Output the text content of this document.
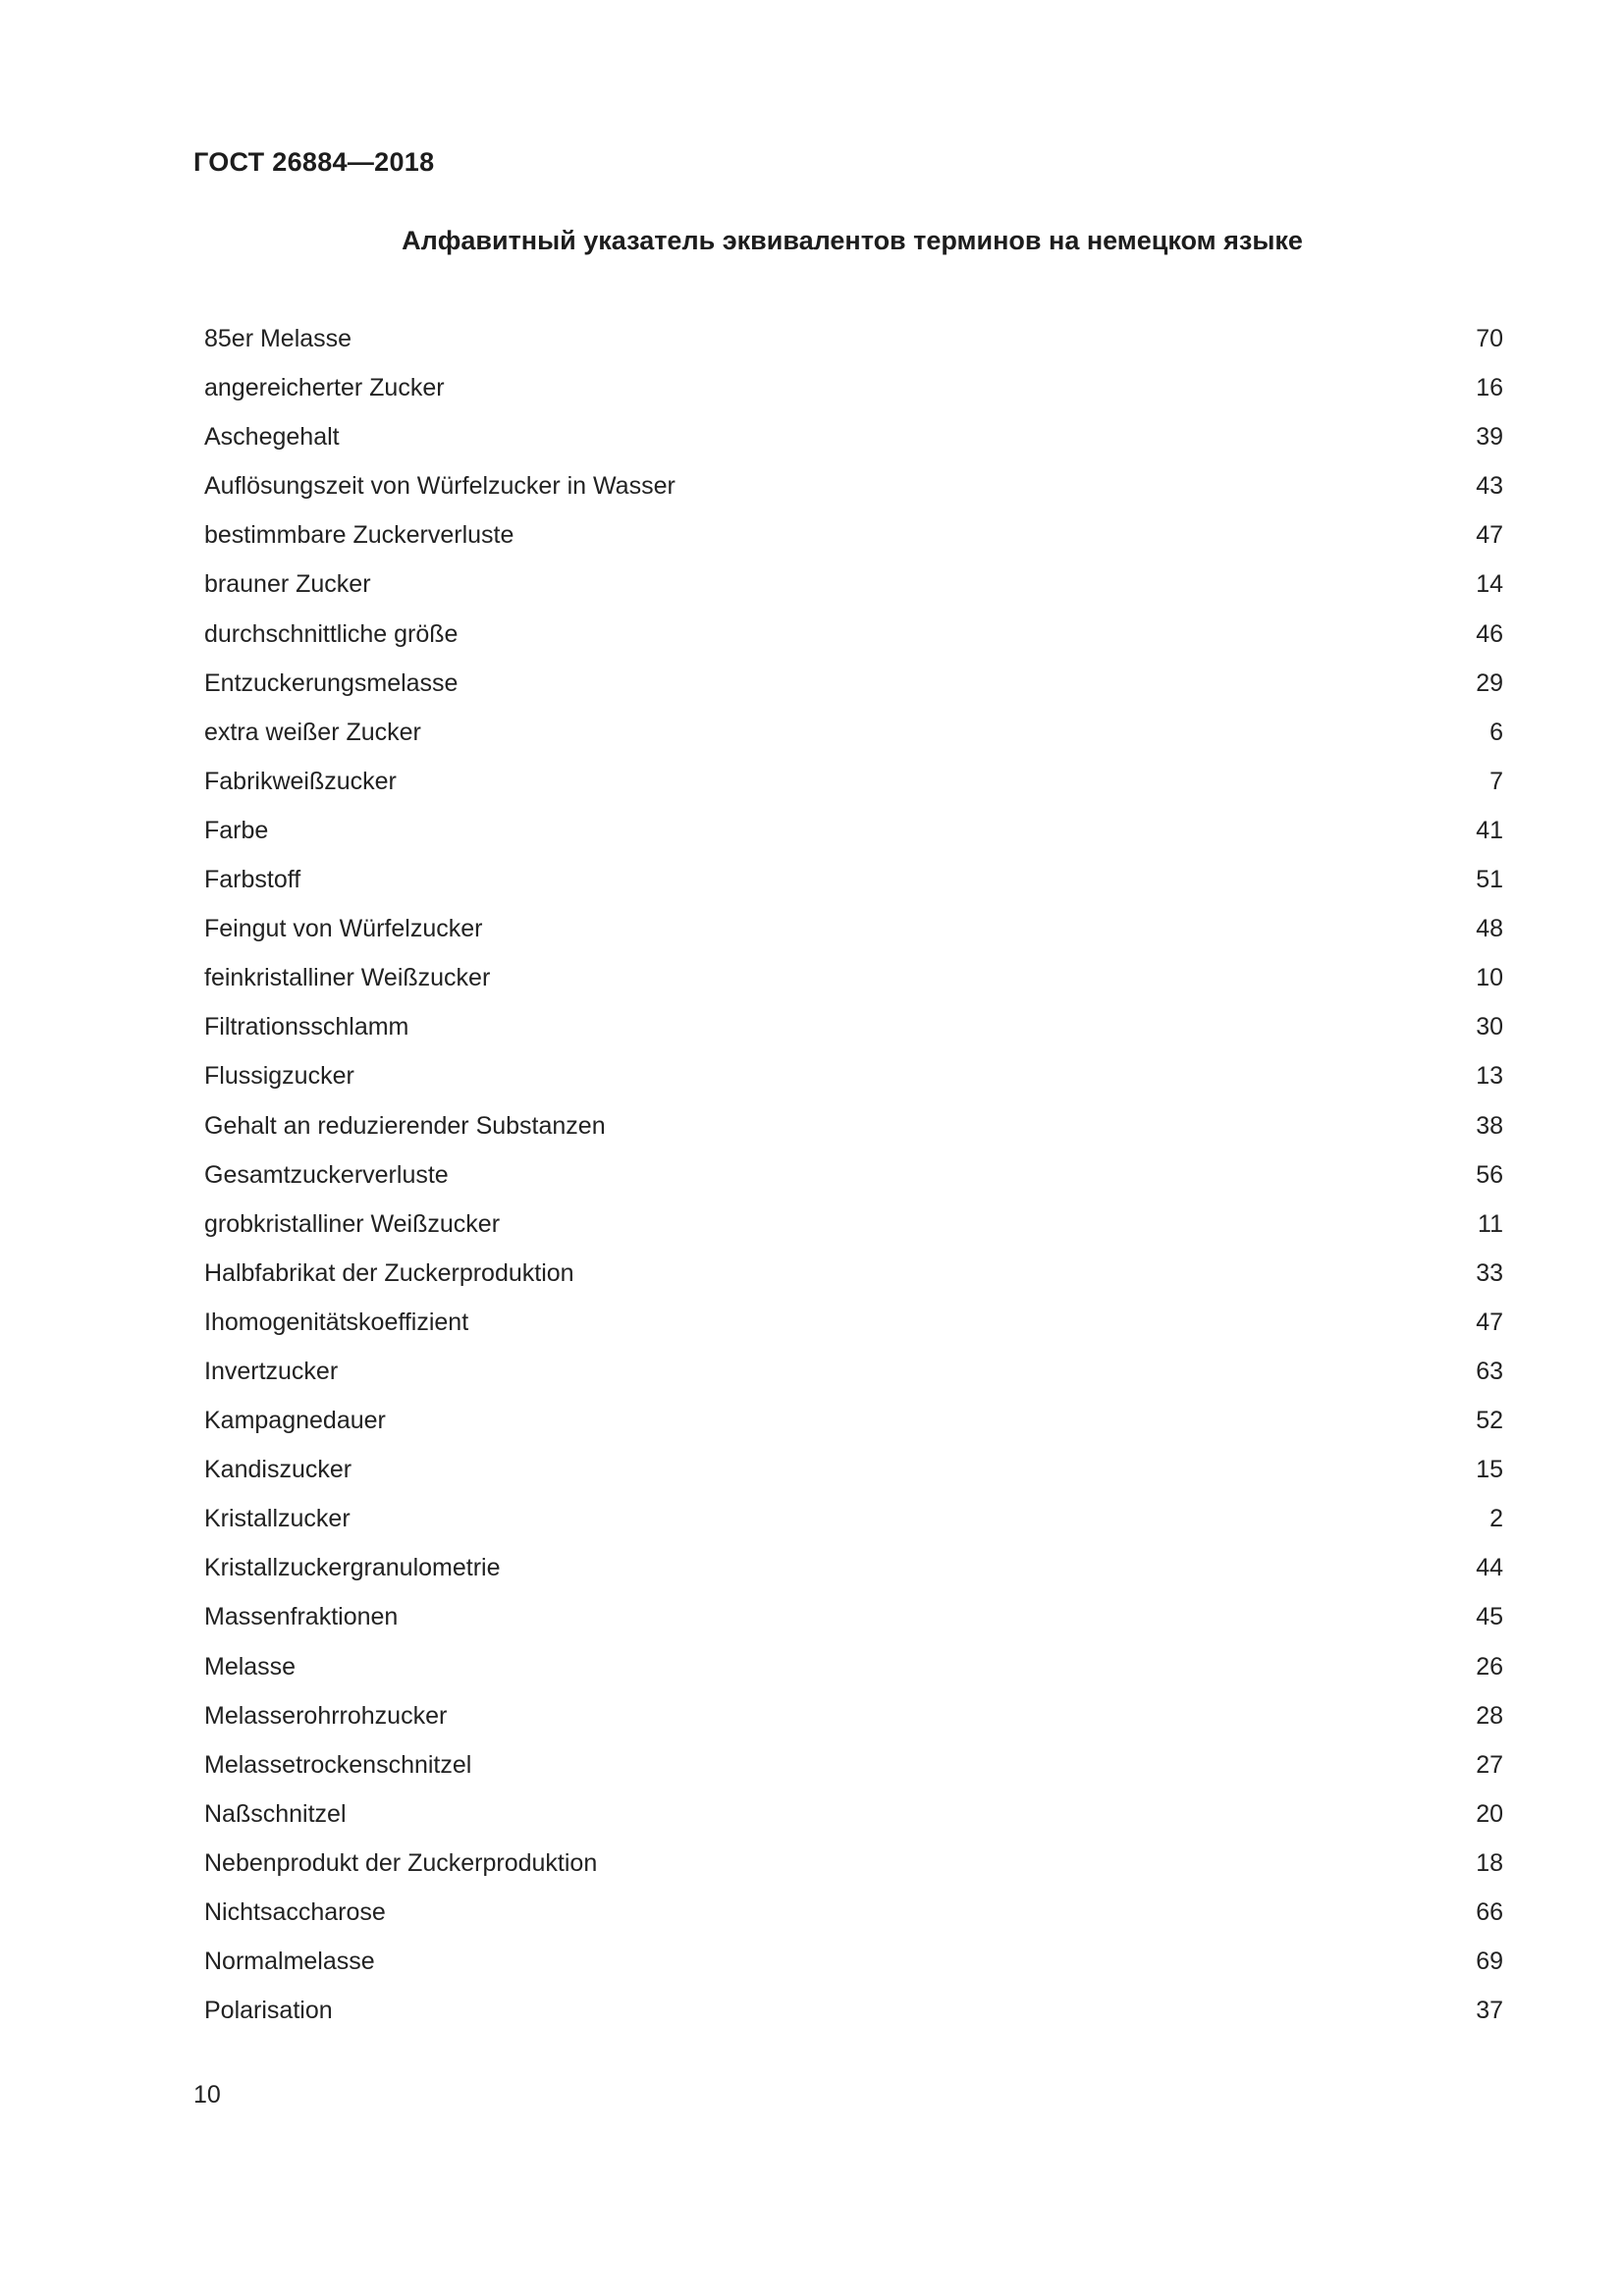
ГОСТ 26884—2018
Алфавитный указатель эквивалентов терминов на немецком языке
85er Melasse	70
angereicherter Zucker	16
Aschegehalt	39
Auflösungszeit von Würfelzucker in Wasser	43
bestimmbare Zuckerverluste	47
brauner Zucker	14
durchschnittliche größe	46
Entzuckerungsmelasse	29
extra weißer Zucker	6
Fabrikweißzucker	7
Farbe	41
Farbstoff	51
Feingut von Würfelzucker	48
feinkristalliner Weißzucker	10
Filtrationsschlamm	30
Flussigzucker	13
Gehalt an reduzierender Substanzen	38
Gesamtzuckerverluste	56
grobkristalliner Weißzucker	11
Halbfabrikat der Zuckerproduktion	33
Ihomogenitätskoeffizient	47
Invertzucker	63
Kampagnedauer	52
Kandiszucker	15
Kristallzucker	2
Kristallzuckergranulometrie	44
Massenfraktionen	45
Melasse	26
Melasserohrrohzucker	28
Melassetrockenschnitzel	27
Naßschnitzel	20
Nebenprodukt der Zuckerproduktion	18
Nichtsaccharose	66
Normalmelasse	69
Polarisation	37
10
